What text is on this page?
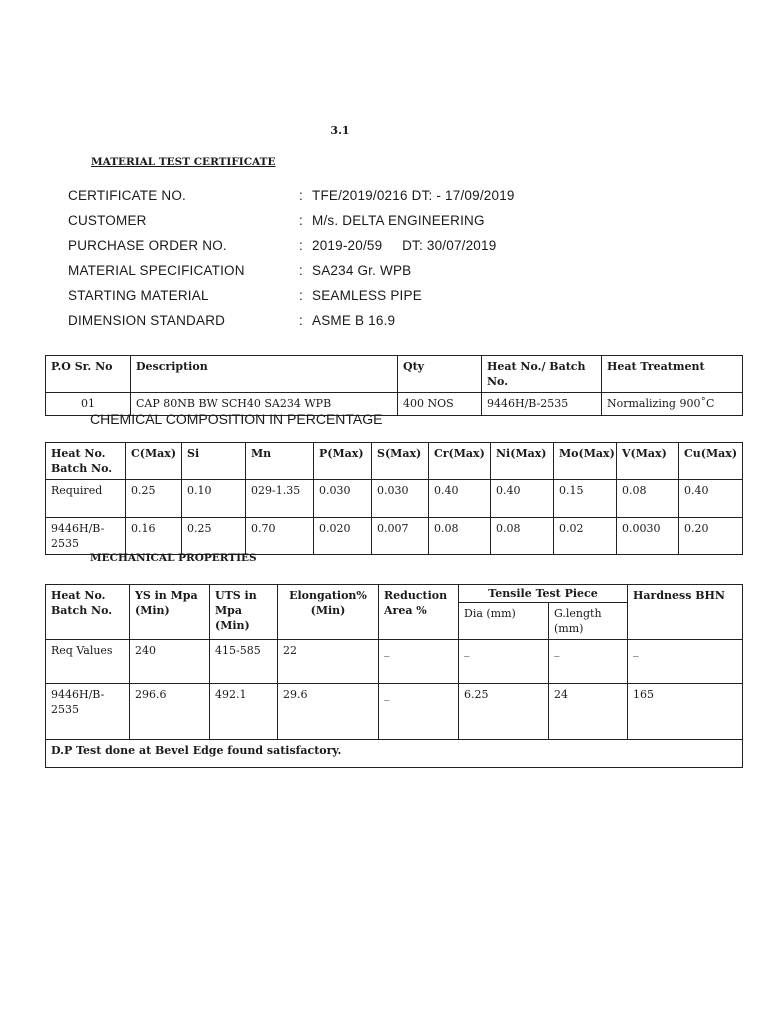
3.1
MATERIAL TEST CERTIFICATE
CERTIFICATE NO.	: TFE/2019/0216 DT: - 17/09/2019
CUSTOMER	: M/s. DELTA ENGINEERING
PURCHASE ORDER NO.	: 2019-20/59     DT: 30/07/2019
MATERIAL SPECIFICATION	: SA234 Gr. WPB
STARTING MATERIAL	: SEAMLESS PIPE
DIMENSION STANDARD	: ASME B 16.9
P.O Sr. No	Description	Qty	Heat No./ Batch No.	Heat Treatment
01	CAP 80NB BW SCH40 SA234 WPB	400 NOS	9446H/B-2535	Normalizing 900˚C
CHEMICAL COMPOSITION IN PERCENTAGE
Heat No. Batch No.	C(Max)	Si	Mn	P(Max)	S(Max)	Cr(Max)	Ni(Max)	Mo(Max)	V(Max)	Cu(Max)
Required	0.25	0.10	029-1.35	0.030	0.030	0.40	0.40	0.15	0.08	0.40
9446H/B-2535	0.16	0.25	0.70	0.020	0.007	0.08	0.08	0.02	0.0030	0.20
MECHANICAL PROPERTIES
Heat No. Batch No.	YS in Mpa (Min)	UTS in Mpa (Min)	Elongation% (Min)	Reduction Area %	Tensile Test Piece		Hardness BHN
					Dia (mm)	G.length (mm)	
Req Values	240	415-585	22	_	_	_	_
9446H/B-2535	296.6	492.1	29.6	_	6.25	24	165
D.P Test done at Bevel Edge found satisfactory.							
